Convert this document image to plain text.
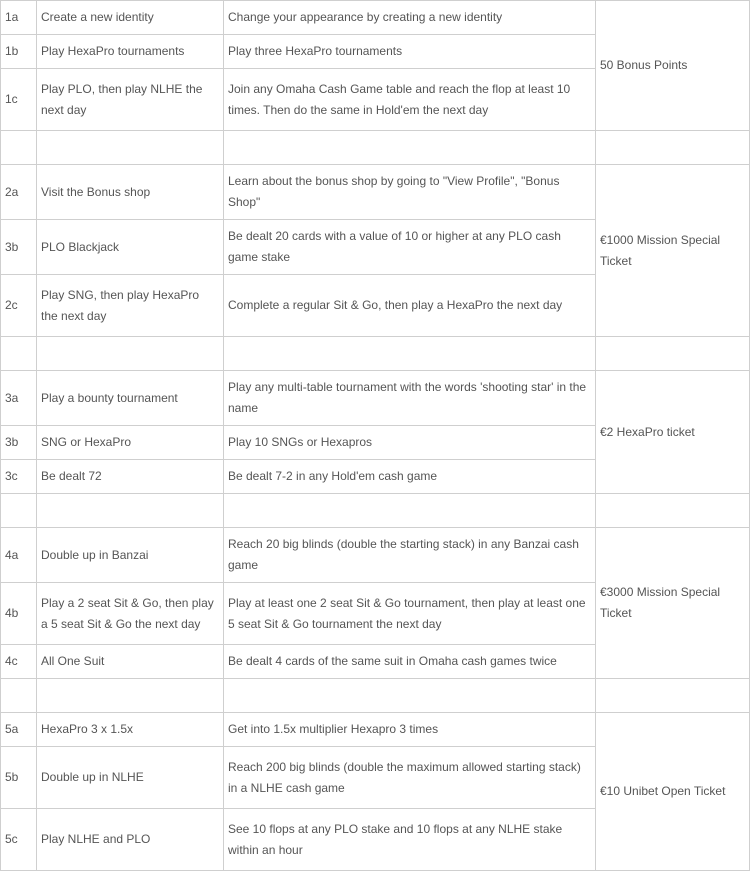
1a	Create a new identity	Change your appearance by creating a new identity	50 Bonus Points
1b	Play HexaPro tournaments	Play three HexaPro tournaments	
1c	Play PLO, then play NLHE the next day	Join any Omaha Cash Game table and reach the flop at least 10 times. Then do the same in Hold'em the next day	

2a	Visit the Bonus shop	Learn about the bonus shop by going to "View Profile", "Bonus Shop"	€1000 Mission Special Ticket
3b	PLO Blackjack	Be dealt 20 cards with a value of 10 or higher at any PLO cash game stake	
2c	Play SNG, then play HexaPro the next day	Complete a regular Sit & Go, then play a HexaPro the next day	

3a	Play a bounty tournament	Play any multi-table tournament with the words 'shooting star' in the name	€2 HexaPro ticket
3b	SNG or HexaPro	Play 10 SNGs or Hexapros	
3c	Be dealt 72	Be dealt 7-2 in any Hold'em cash game	

4a	Double up in Banzai	Reach 20 big blinds (double the starting stack) in any Banzai cash game	€3000 Mission Special Ticket
4b	Play a 2 seat Sit & Go, then play a 5 seat Sit & Go the next day	Play at least one 2 seat Sit & Go tournament, then play at least one 5 seat Sit & Go tournament the next day	
4c	All One Suit	Be dealt 4 cards of the same suit in Omaha cash games twice	

5a	HexaPro 3 x 1.5x	Get into 1.5x multiplier Hexapro 3 times	€10 Unibet Open Ticket
5b	Double up in NLHE	Reach 200 big blinds (double the maximum allowed starting stack) in a NLHE cash game	
5c	Play NLHE and PLO	See 10 flops at any PLO stake and 10 flops at any NLHE stake within an hour	
